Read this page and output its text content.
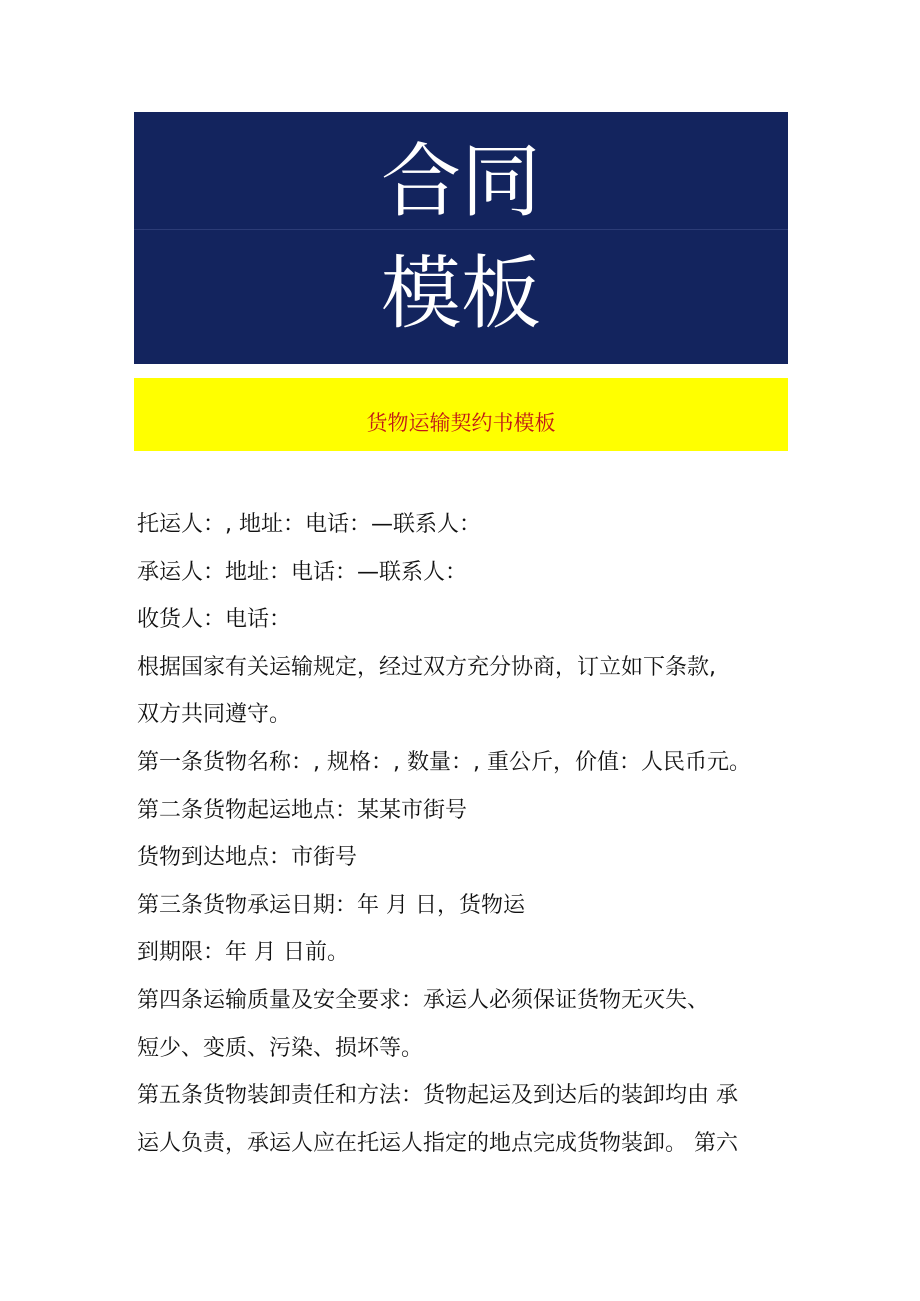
合同
模板
货物运输契约书模板
托运人：, 地址：电话：—联系人：
承运人：地址：电话：—联系人：
收货人：电话：
根据国家有关运输规定，经过双方充分协商，订立如下条款,
双方共同遵守。
第一条货物名称：, 规格：, 数量：, 重公斤，价值：人民币元。
第二条货物起运地点：某某市街号
货物到达地点：市街号
第三条货物承运日期：年 月 日，货物运
到期限：年 月 日前。
第四条运输质量及安全要求：承运人必须保证货物无灭失、
短少、变质、污染、损坏等。
第五条货物装卸责任和方法：货物起运及到达后的装卸均由 承
运人负责，承运人应在托运人指定的地点完成货物装卸。 第六
